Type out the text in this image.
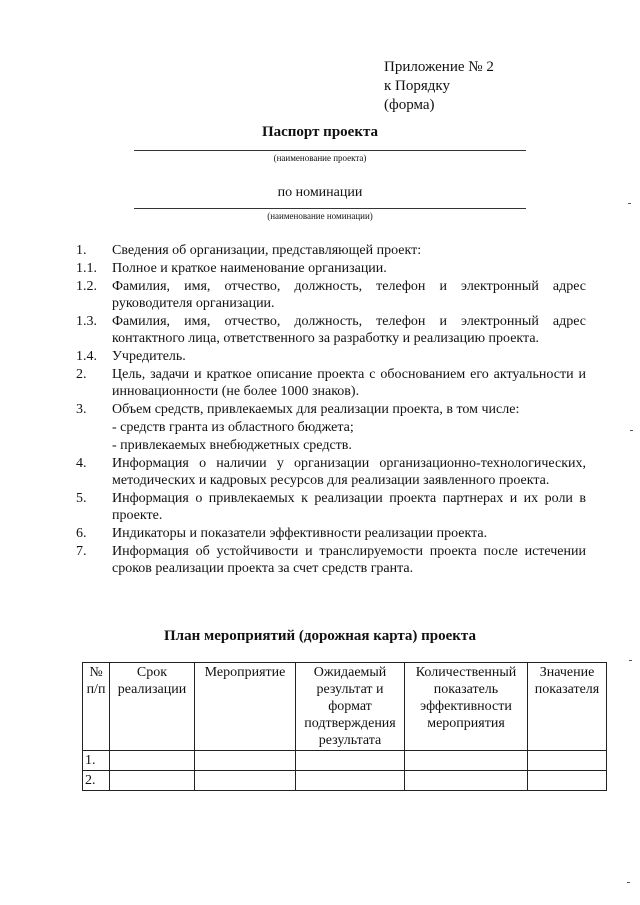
Приложение № 2
к Порядку
(форма)
Паспорт проекта
(наименование проекта)
по номинации
(наименование номинации)
1.	Сведения об организации, представляющей проект:
1.1.	Полное и краткое наименование организации.
1.2.	Фамилия, имя, отчество, должность, телефон и электронный адрес руководителя организации.
1.3.	Фамилия, имя, отчество, должность, телефон и электронный адрес контактного лица, ответственного за разработку и реализацию проекта.
1.4.	Учредитель.
2.	Цель, задачи и краткое описание проекта с обоснованием его актуальности и инновационности (не более 1000 знаков).
3.	Объем средств, привлекаемых для реализации проекта, в том числе:
- средств гранта из областного бюджета;
- привлекаемых внебюджетных средств.
4.	Информация о наличии у организации организационно-технологических, методических и кадровых ресурсов для реализации заявленного проекта.
5.	Информация о привлекаемых к реализации проекта партнерах и их роли в проекте.
6.	Индикаторы и показатели эффективности реализации проекта.
7.	Информация об устойчивости и транслируемости проекта после истечении сроков реализации проекта за счет средств гранта.
План мероприятий (дорожная карта) проекта
№ п/п	Срок реализации	Мероприятие	Ожидаемый результат и формат подтверждения результата	Количественный показатель эффективности мероприятия	Значение показателя
1.					
2.					
